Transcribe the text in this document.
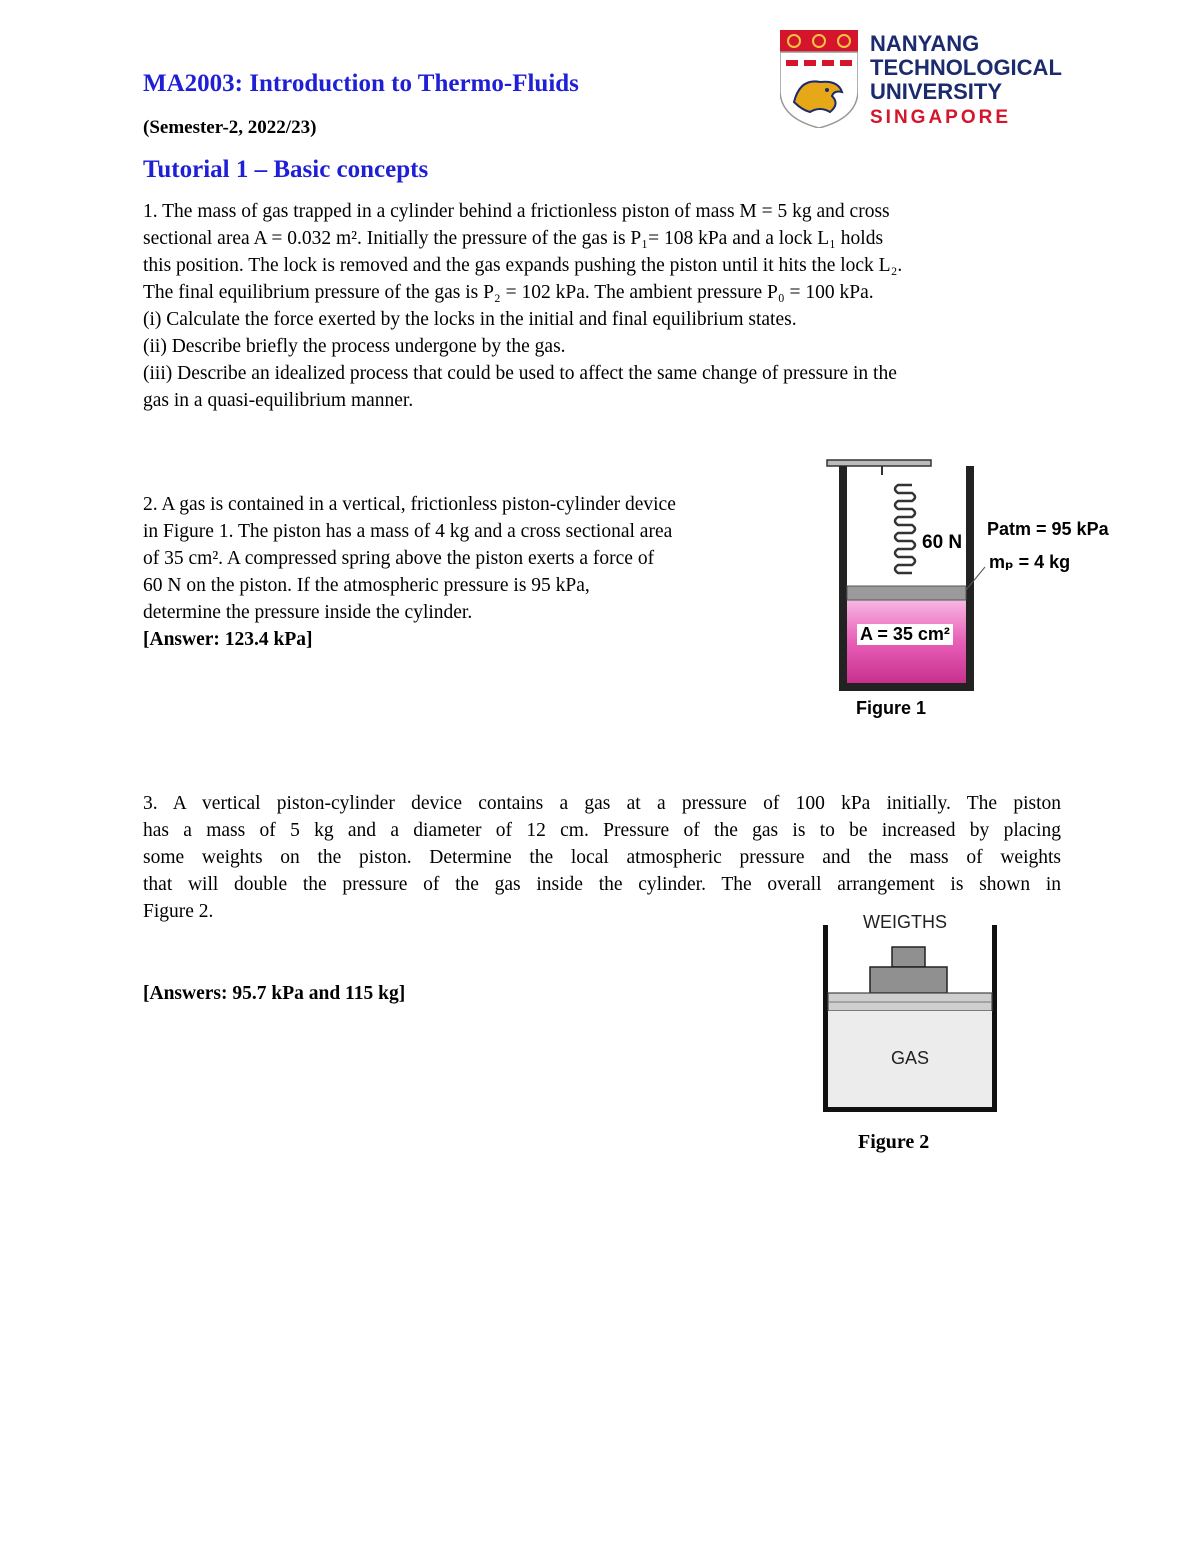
MA2003: Introduction to Thermo-Fluids
(Semester-2, 2022/23)
Tutorial 1 – Basic concepts
NANYANG
TECHNOLOGICAL
UNIVERSITY
SINGAPORE
1. The mass of gas trapped in a cylinder behind a frictionless piston of mass M = 5 kg and cross
sectional area A = 0.032 m². Initially the pressure of the gas is P₁= 108 kPa and a lock L₁ holds
this position. The lock is removed and the gas expands pushing the piston until it hits the lock L₂.
The final equilibrium pressure of the gas is P₂ = 102 kPa. The ambient pressure P₀ = 100 kPa.
(i) Calculate the force exerted by the locks in the initial and final equilibrium states.
(ii) Describe briefly the process undergone by the gas.
(iii) Describe an idealized process that could be used to affect the same change of pressure in the
gas in a quasi-equilibrium manner.
2. A gas is contained in a vertical, frictionless piston-cylinder device
in Figure 1. The piston has a mass of 4 kg and a cross sectional area
of 35 cm². A compressed spring above the piston exerts a force of
60 N on the piston. If the atmospheric pressure is 95 kPa,
determine the pressure inside the cylinder.
[Answer: 123.4 kPa]
60 N
Patm = 95 kPa
mₚ = 4 kg
A = 35 cm²
Figure 1
3. A vertical piston-cylinder device contains a gas at a pressure of 100 kPa initially. The piston
has a mass of 5 kg and a diameter of 12 cm. Pressure of the gas is to be increased by placing
some weights on the piston. Determine the local atmospheric pressure and the mass of weights
that will double the pressure of the gas inside the cylinder. The overall arrangement is shown in
Figure 2.
[Answers: 95.7 kPa and 115 kg]
WEIGTHS
GAS
Figure 2
